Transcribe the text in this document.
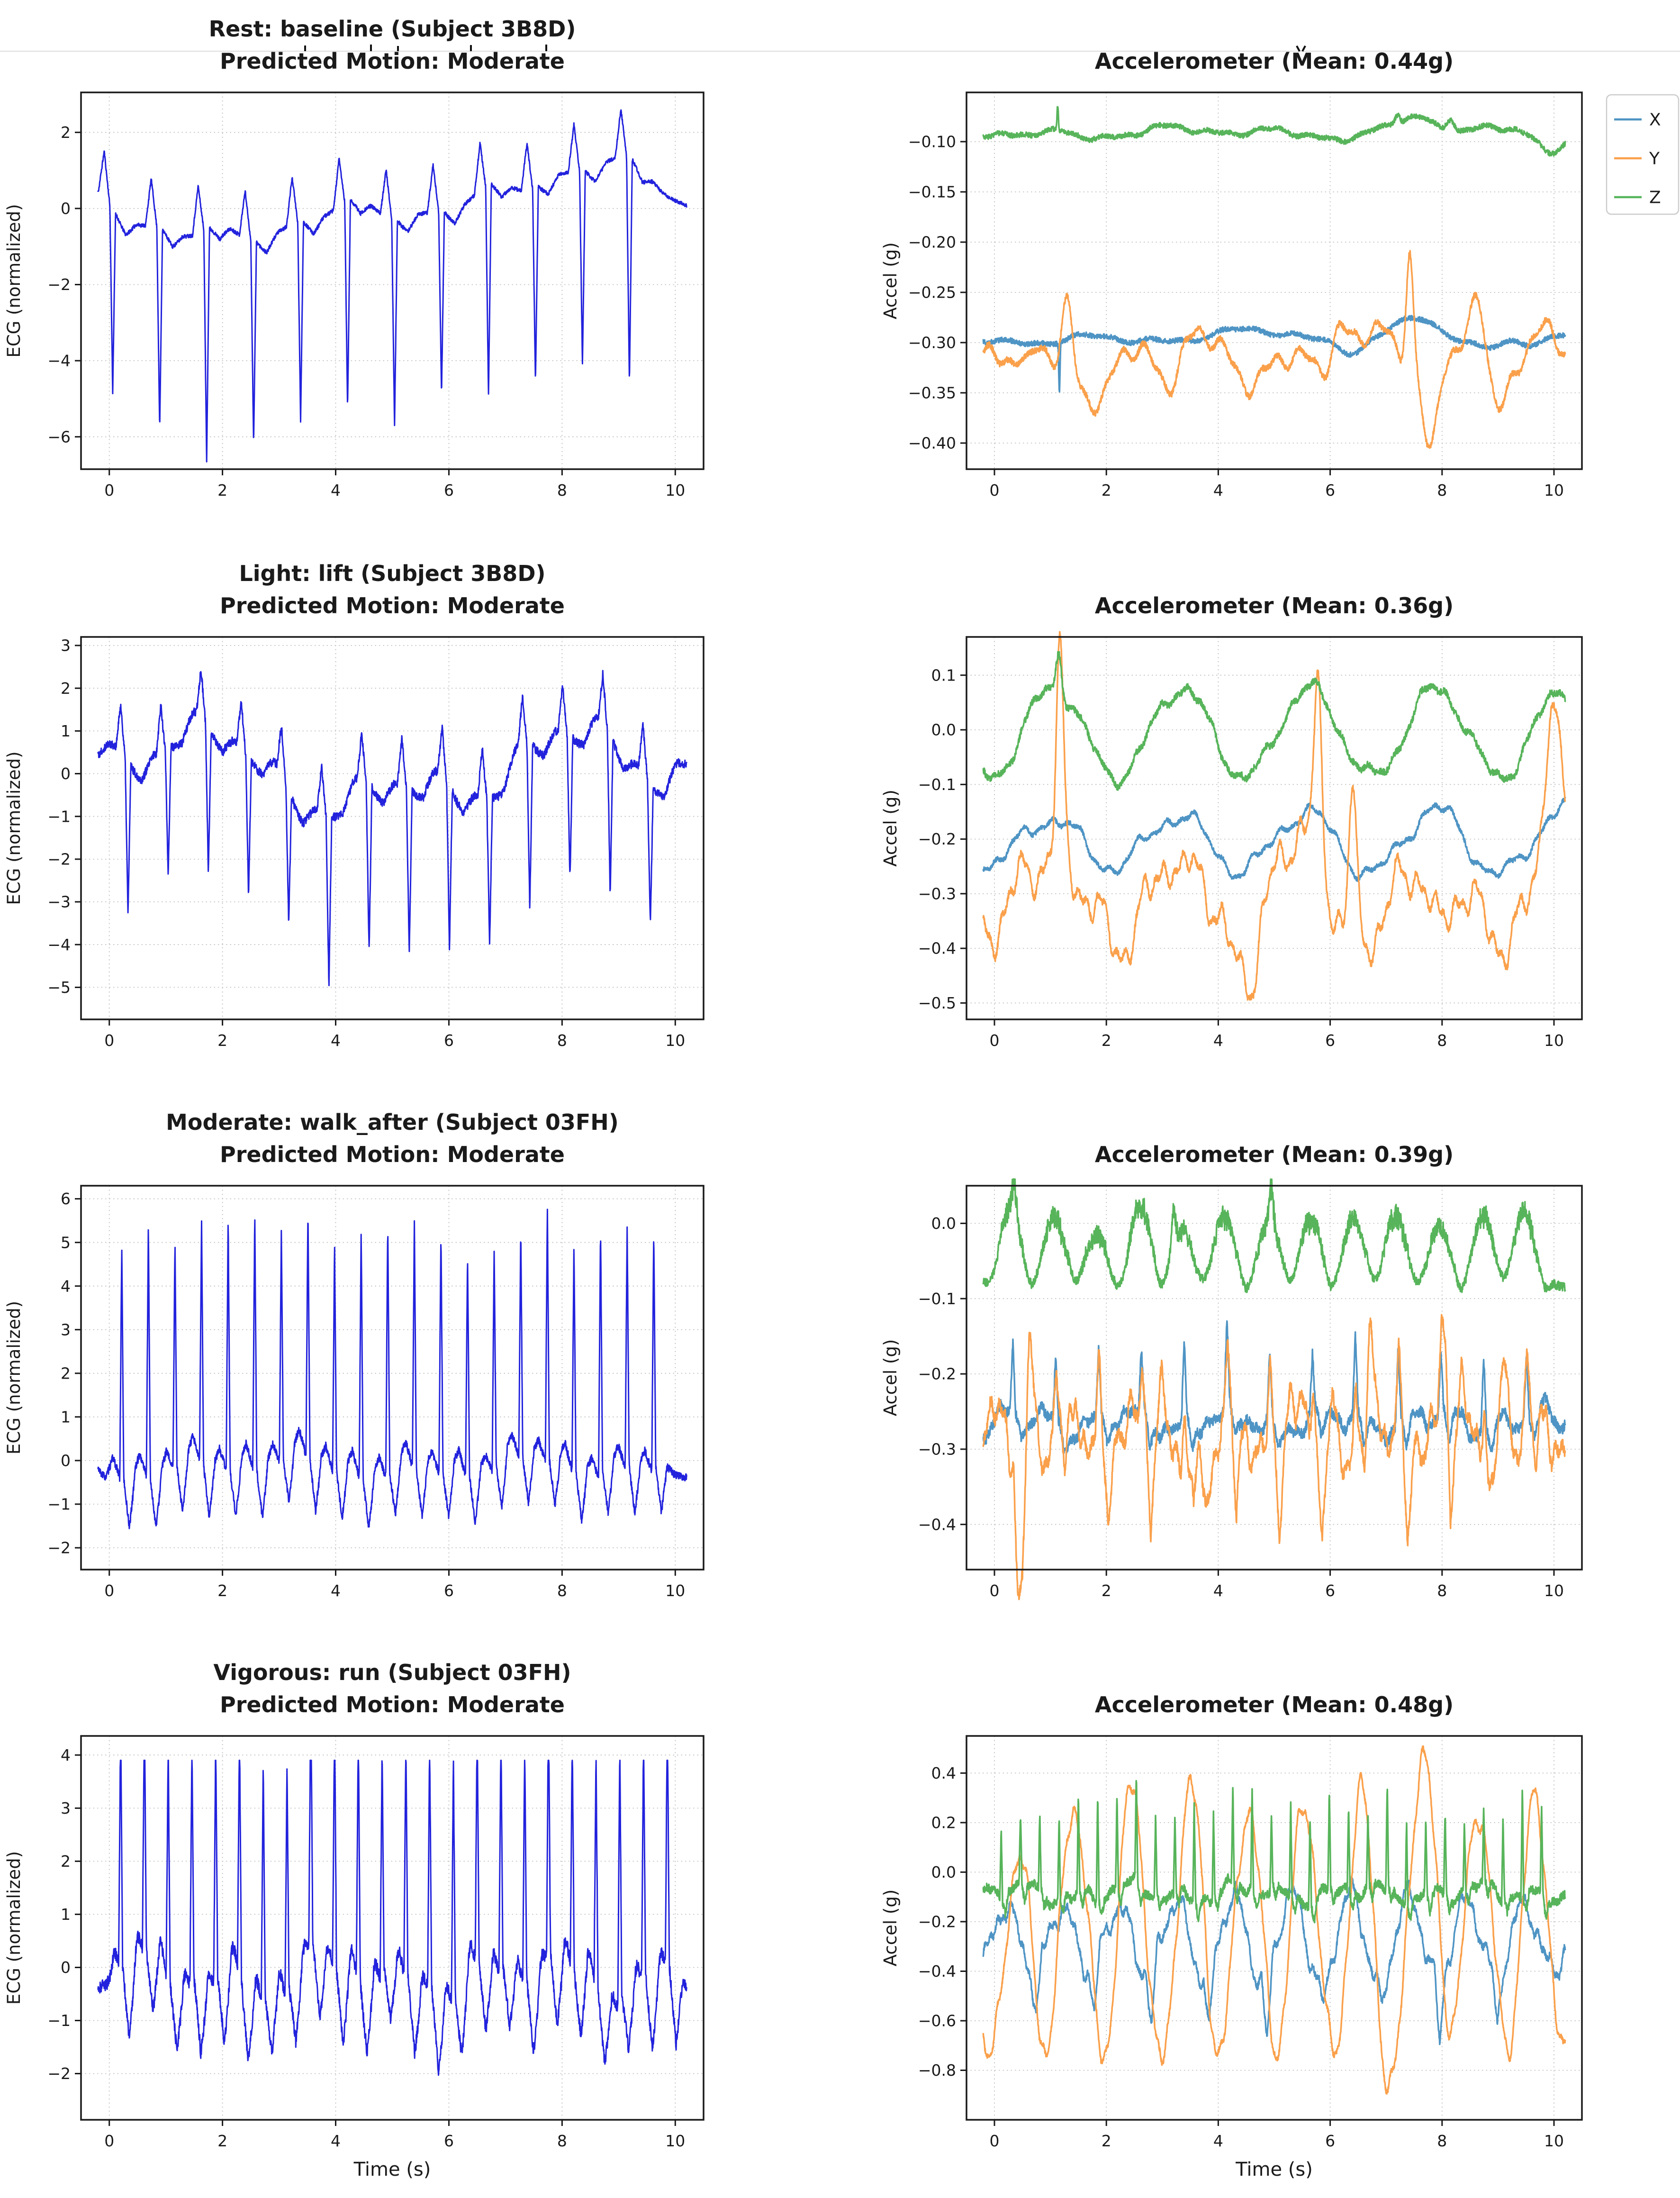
2
0
−2
−4
−6
0	2	4	6	8	10
Rest: baseline (Subject 3B8D)
Predicted Motion: Moderate
ECG (normalized)
−0.10
−0.15
−0.20
−0.25
−0.30
−0.35
−0.40
0	2	4	6	8	10
Accelerometer (Mean: 0.44g)
Accel (g)
X
Y
Z
3
2
1
0
−1
−2
−3
−4
−5
0	2	4	6	8	10
Light: lift (Subject 3B8D)
Predicted Motion: Moderate
ECG (normalized)
0.1
0.0
−0.1
−0.2
−0.3
−0.4
−0.5
0	2	4	6	8	10
Accelerometer (Mean: 0.36g)
Accel (g)
6
5
4
3
2
1
0
−1
−2
0	2	4	6	8	10
Moderate: walk_after (Subject 03FH)
Predicted Motion: Moderate
ECG (normalized)
0.0
−0.1
−0.2
−0.3
−0.4
0	2	4	6	8	10
Accelerometer (Mean: 0.39g)
Accel (g)
4
3
2
1
0
−1
−2
0	2	4	6	8	10
Vigorous: run (Subject 03FH)
Predicted Motion: Moderate
ECG (normalized)
Time (s)
0.4
0.2
0.0
−0.2
−0.4
−0.6
−0.8
0	2	4	6	8	10
Accelerometer (Mean: 0.48g)
Accel (g)
Time (s)
